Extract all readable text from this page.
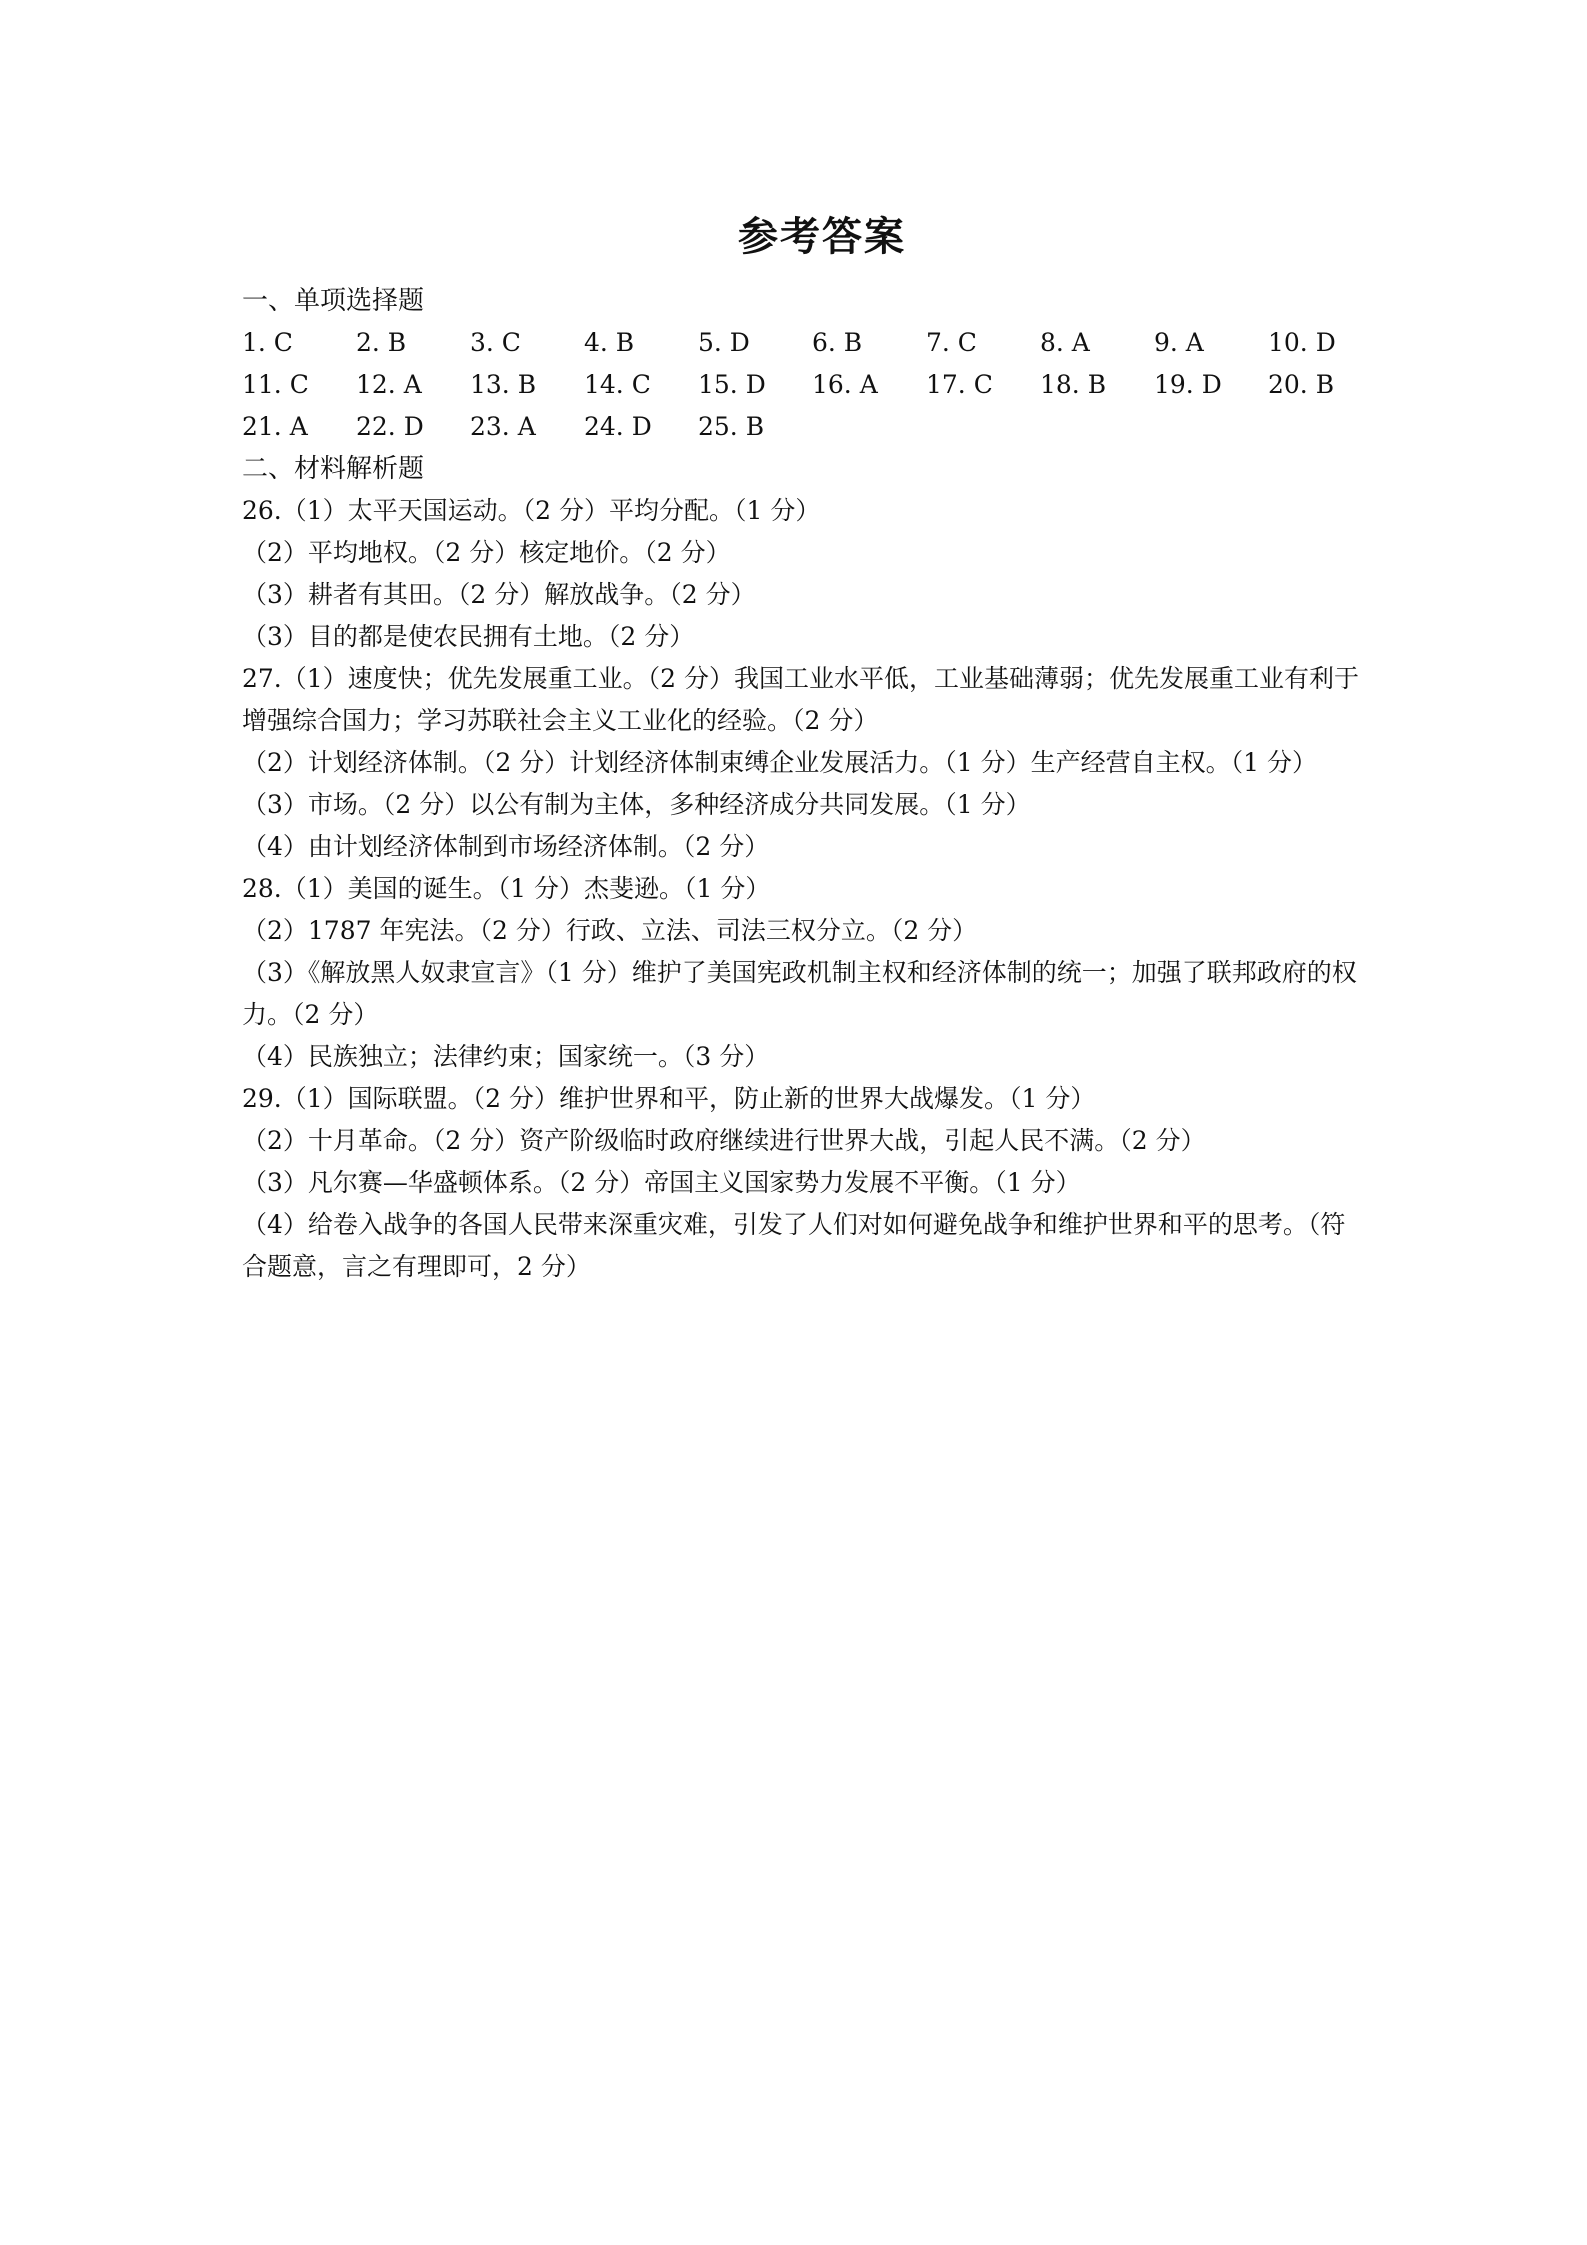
参考答案

一、单项选择题

1. C	2. B	3. C	4. B	5. D	6. B	7. C	8. A	9. A	10. D
11. C	12. A	13. B	14. C	15. D	16. A	17. C	18. B	19. D	20. B
21. A	22. D	23. A	24. D	25. B

二、材料解析题

26.（1）太平天国运动。（2 分）平均分配。（1 分）
（2）平均地权。（2 分）核定地价。（2 分）
（3）耕者有其田。（2 分）解放战争。（2 分）
（3）目的都是使农民拥有土地。（2 分）
27.（1）速度快；优先发展重工业。（2 分）我国工业水平低，工业基础薄弱；优先发展重工业有利于增强综合国力；学习苏联社会主义工业化的经验。（2 分）
（2）计划经济体制。（2 分）计划经济体制束缚企业发展活力。（1 分）生产经营自主权。（1 分）
（3）市场。（2 分）以公有制为主体，多种经济成分共同发展。（1 分）
（4）由计划经济体制到市场经济体制。（2 分）
28.（1）美国的诞生。（1 分）杰斐逊。（1 分）
（2）1787 年宪法。（2 分）行政、立法、司法三权分立。（2 分）
（3）《解放黑人奴隶宣言》（1 分）维护了美国宪政机制主权和经济体制的统一；加强了联邦政府的权力。（2 分）
（4）民族独立；法律约束；国家统一。（3 分）
29.（1）国际联盟。（2 分）维护世界和平，防止新的世界大战爆发。（1 分）
（2）十月革命。（2 分）资产阶级临时政府继续进行世界大战，引起人民不满。（2 分）
（3）凡尔赛—华盛顿体系。（2 分）帝国主义国家势力发展不平衡。（1 分）
（4）给卷入战争的各国人民带来深重灾难，引发了人们对如何避免战争和维护世界和平的思考。（符合题意，言之有理即可，2 分）
